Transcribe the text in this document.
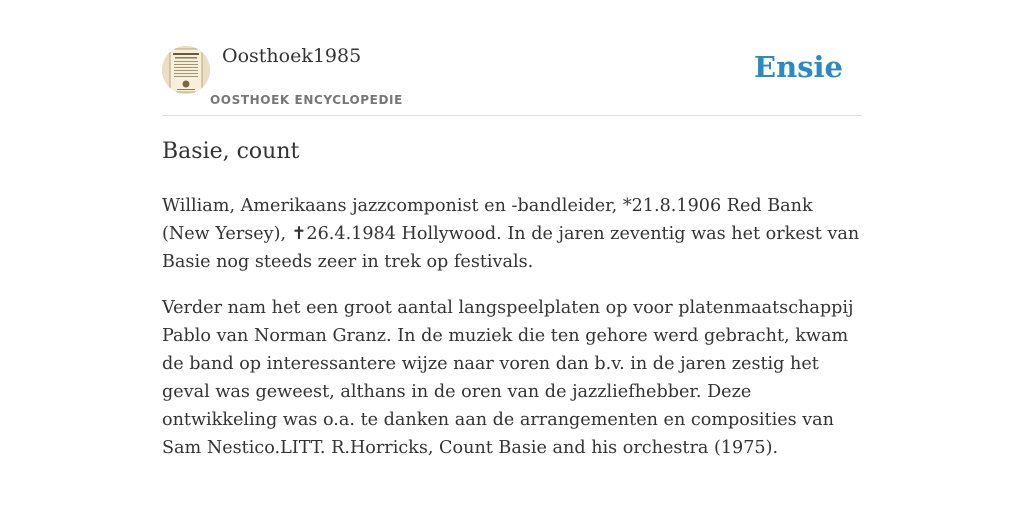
Oosthoek1985
OOSTHOEK ENCYCLOPEDIE
Ensie
Basie, count

William, Amerikaans jazzcomponist en -bandleider, *21.8.1906 Red Bank (New Yersey), ✝26.4.1984 Hollywood. In de jaren zeventig was het orkest van Basie nog steeds zeer in trek op festivals.

Verder nam het een groot aantal langspeelplaten op voor platenmaatschappij Pablo van Norman Granz. In de muziek die ten gehore werd gebracht, kwam de band op interessantere wijze naar voren dan b.v. in de jaren zestig het geval was geweest, althans in de oren van de jazzliefhebber. Deze ontwikkeling was o.a. te danken aan de arrangementen en composities van Sam Nestico.LITT. R.Horricks, Count Basie and his orchestra (1975).
